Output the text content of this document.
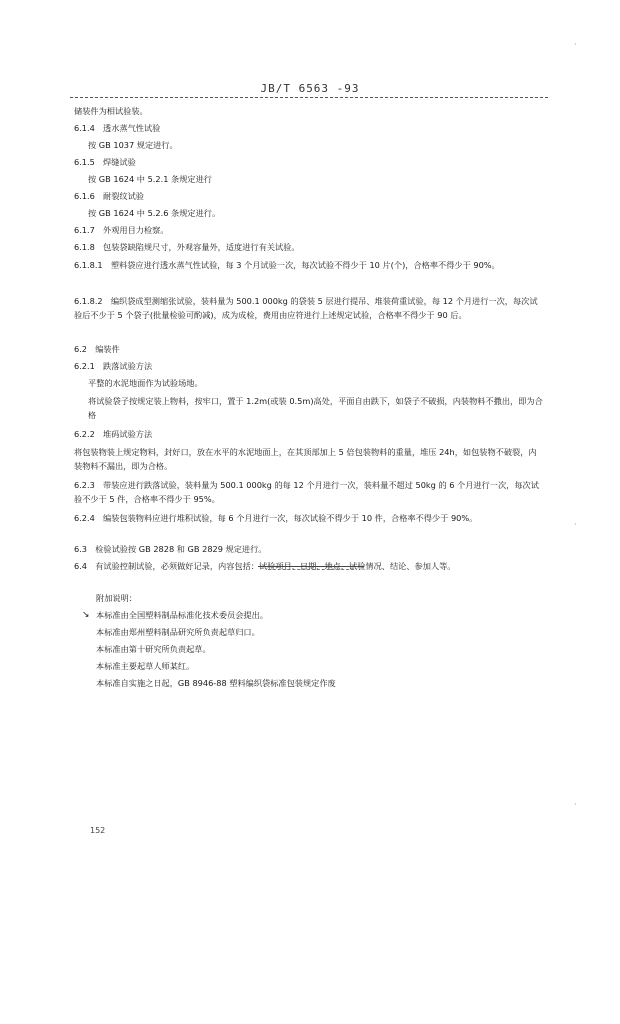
JB/T 6563 -93
储装件为相试验装。
6.1.4　透水蒸气性试验
按 GB 1037 规定进行。
6.1.5　焊缝试验
按 GB 1624 中 5.2.1 条规定进行
6.1.6　耐裂纹试验
按 GB 1624 中 5.2.6 条规定进行。
6.1.7　外观用目力检察。
6.1.8　包装袋缺陷规尺寸，外观容量外，适度进行有关试验。
6.1.8.1　塑料袋应进行透水蒸气性试验，每 3 个月试验一次，每次试验不得少于 10 片(个)，合格率不得少于 90%。
6.1.8.2　编织袋成型测缩张试验，装料量为 500.1 000kg 的袋装 5 层进行提吊、堆装荷重试验，每 12 个月进行一次，每次试验后不少于 5 个袋子(批量检验可酌减)，成为成检，费用由应符进行上述规定试验，合格率不得少于 90 后。
6.2　编装件
6.2.1　跌落试验方法
平整的水泥地面作为试验场地。
将试验袋子按规定装上物料，按牢口，置于 1.2m(或装 0.5m)高处，平面自由跌下，如袋子不破损，内装物料不撒出，即为合格
6.2.2　堆码试验方法
将包装物装上规定物料，封好口，放在水平的水泥地面上，在其顶部加上 5 倍包装物料的重量，堆压 24h，如包装物不破裂，内装物料不漏出，即为合格。
6.2.3　带装应进行跌落试验，装料量为 500.1 000kg 的每 12 个月进行一次，装料量不超过 50kg 的 6 个月进行一次，每次试验不少于 5 件，合格率不得少于 95%。
6.2.4　编装包装物料应进行堆积试验，每 6 个月进行一次，每次试验不得少于 10 件，合格率不得少于 90%。
6.3　检验试验按 GB 2828 和 GB 2829 规定进行。
6.4　有试验控制试验，必须做好记录，内容包括：试验项目、日期、地点、试验情况、结论、参加人等。
附加说明：
↘ 本标准由全国塑料制品标准化技术委员会提出。
本标准由郑州塑料制品研究所负责起草归口。
本标准由第十研究所负责起草。
本标准主要起草人师某红。
本标准自实施之日起，GB 8946-88 塑料编织袋标准包装规定作废
152
·
·
·
